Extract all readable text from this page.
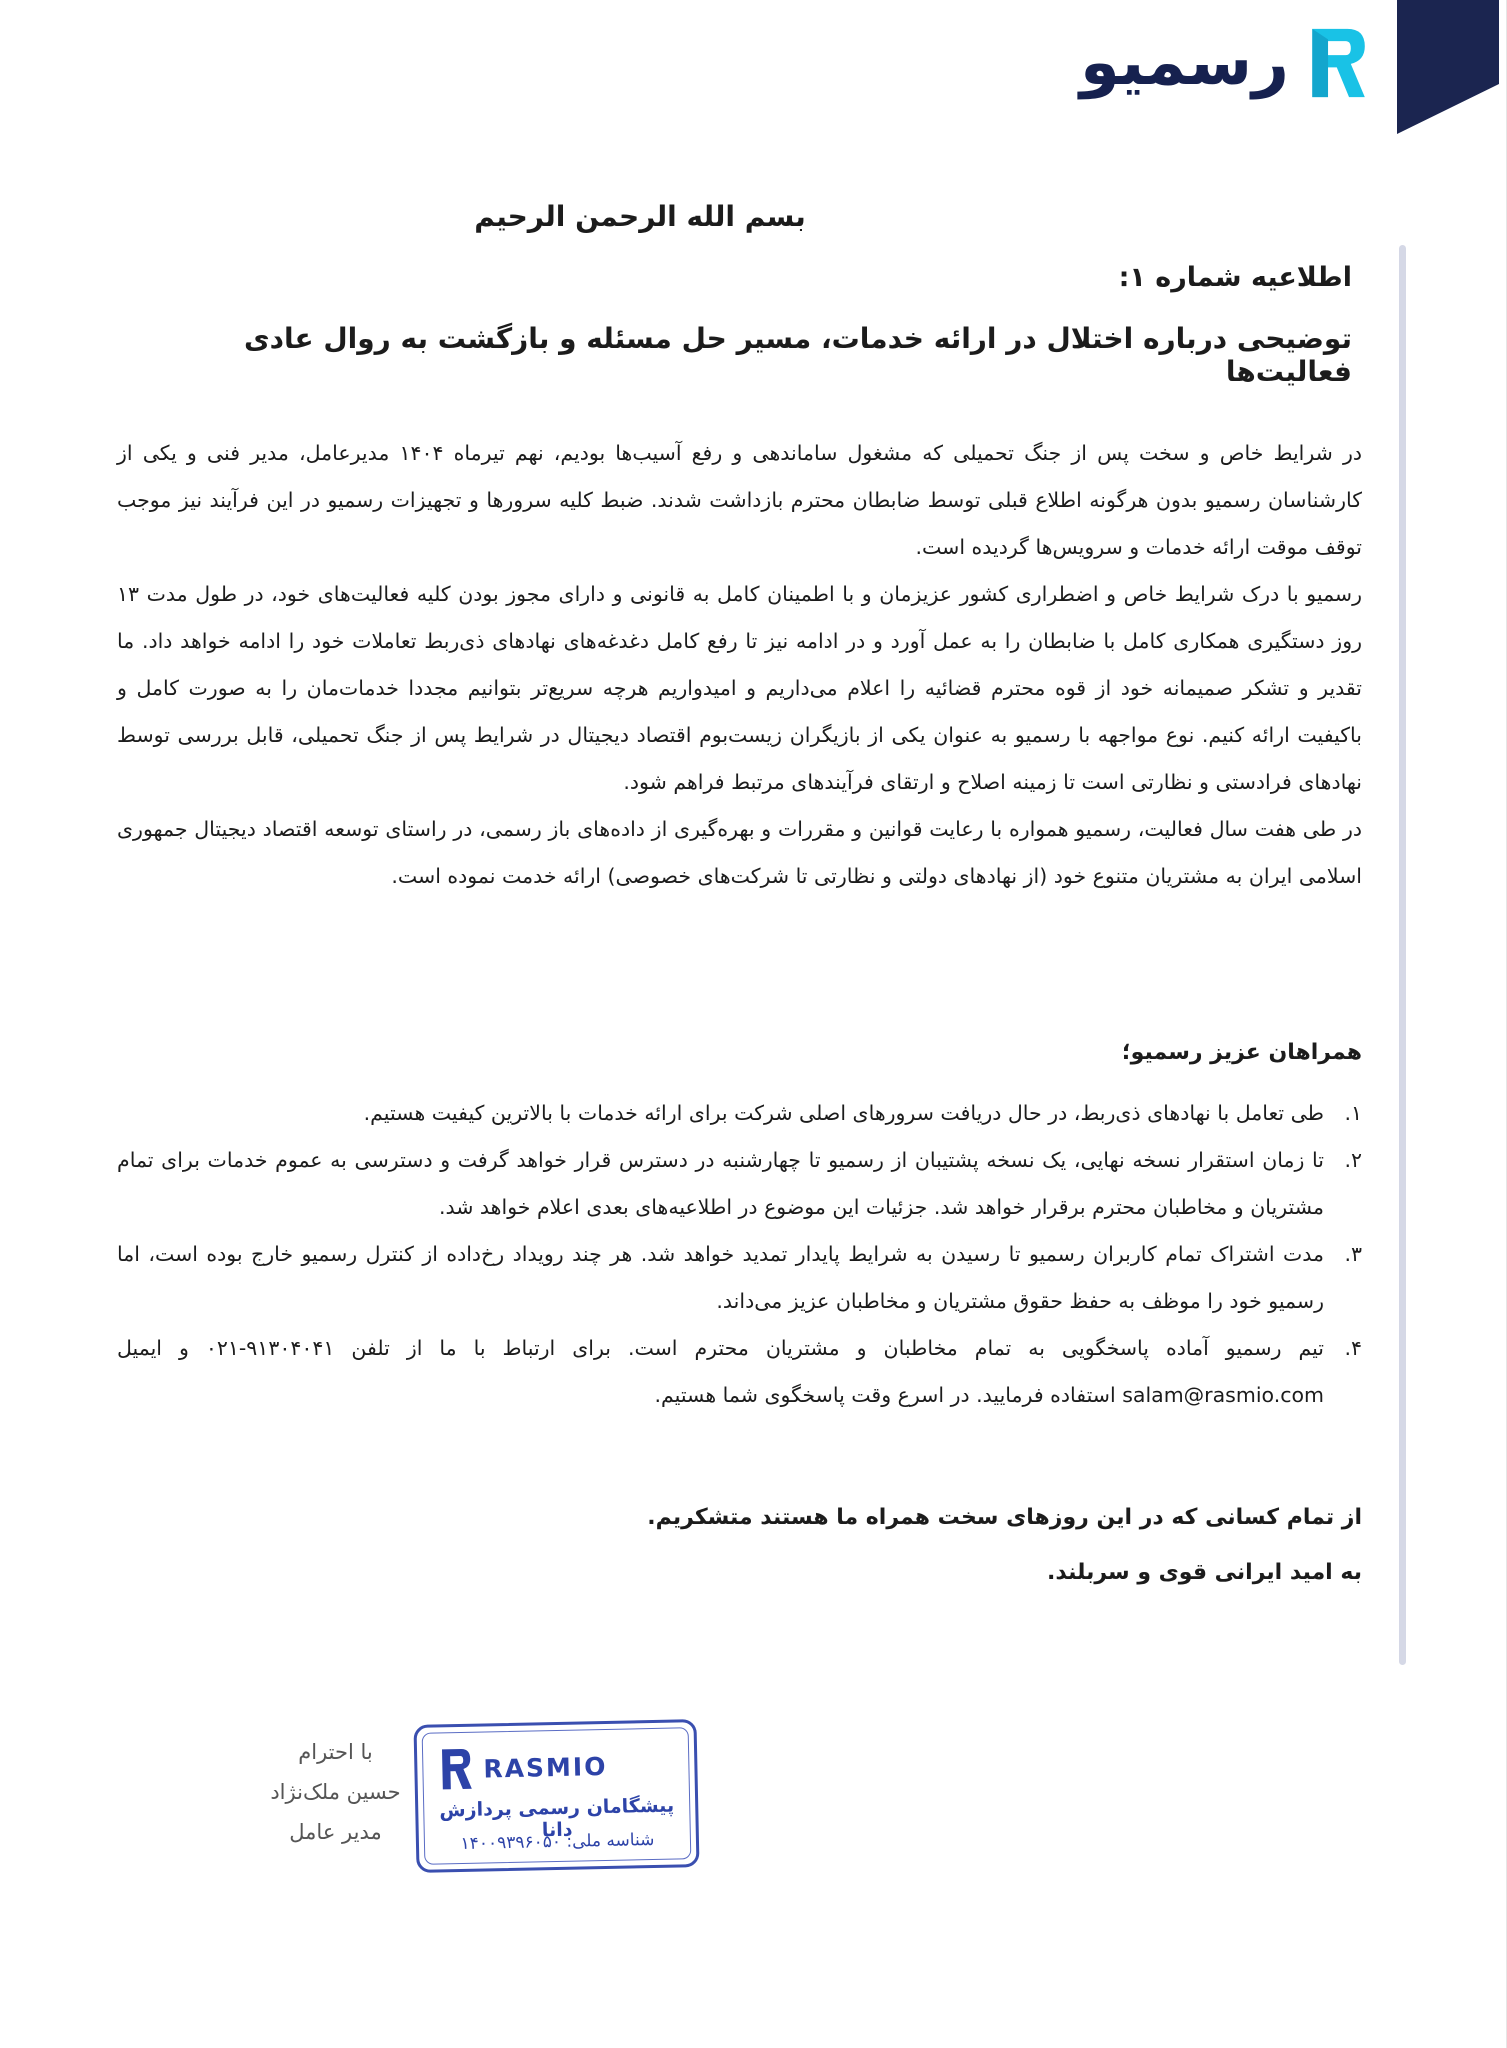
رسمیو
بسم الله الرحمن الرحیم
اطلاعیه شماره ۱:
توضیحی درباره اختلال در ارائه خدمات، مسیر حل مسئله و بازگشت به روال عادی فعالیت‌ها

در شرایط خاص و سخت پس از جنگ تحمیلی که مشغول ساماندهی و رفع آسیب‌ها بودیم، نهم تیرماه ۱۴۰۴ مدیرعامل، مدیر فنی و یکی از کارشناسان رسمیو بدون هرگونه اطلاع قبلی توسط ضابطان محترم بازداشت شدند. ضبط کلیه سرورها و تجهیزات رسمیو در این فرآیند نیز موجب توقف موقت ارائه خدمات و سرویس‌ها گردیده است.

رسمیو با درک شرایط خاص و اضطراری کشور عزیزمان و با اطمینان کامل به قانونی و دارای مجوز بودن کلیه فعالیت‌های خود، در طول مدت ۱۳ روز دستگیری همکاری کامل با ضابطان را به عمل آورد و در ادامه نیز تا رفع کامل دغدغه‌های نهادهای ذی‌ربط تعاملات خود را ادامه خواهد داد. ما تقدیر و تشکر صمیمانه خود از قوه محترم قضائیه را اعلام می‌داریم و امیدواریم هرچه سریع‌تر بتوانیم مجددا خدمات‌مان را به صورت کامل و باکیفیت ارائه کنیم. نوع مواجهه با رسمیو به عنوان یکی از بازیگران زیست‌بوم اقتصاد دیجیتال در شرایط پس از جنگ تحمیلی، قابل بررسی توسط نهادهای فرادستی و نظارتی است تا زمینه اصلاح و ارتقای فرآیندهای مرتبط فراهم شود.

در طی هفت سال فعالیت، رسمیو همواره با رعایت قوانین و مقررات و بهره‌گیری از داده‌های باز رسمی، در راستای توسعه اقتصاد دیجیتال جمهوری اسلامی ایران به مشتریان متنوع خود (از نهادهای دولتی و نظارتی تا شرکت‌های خصوصی) ارائه خدمت نموده است.

همراهان عزیز رسمیو؛
۱.
طی تعامل با نهادهای ذی‌ربط، در حال دریافت سرورهای اصلی شرکت برای ارائه خدمات با بالاترین کیفیت هستیم.
۲.
تا زمان استقرار نسخه نهایی، یک نسخه پشتیبان از رسمیو تا چهارشنبه در دسترس قرار خواهد گرفت و دسترسی به عموم خدمات برای تمام مشتریان و مخاطبان محترم برقرار خواهد شد. جزئیات این موضوع در اطلاعیه‌های بعدی اعلام خواهد شد.
۳.
مدت اشتراک تمام کاربران رسمیو تا رسیدن به شرایط پایدار تمدید خواهد شد. هر چند رویداد رخ‌داده از کنترل رسمیو خارج بوده است، اما رسمیو خود را موظف به حفظ حقوق مشتریان و مخاطبان عزیز می‌داند.
۴.
تیم رسمیو آماده پاسخگویی به تمام مخاطبان و مشتریان محترم است. برای ارتباط با ما از تلفن ۹۱۳۰۴۰۴۱-۰۲۱ و ایمیل salam@rasmio.com استفاده فرمایید. در اسرع وقت پاسخگوی شما هستیم.
از تمام کسانی که در این روزهای سخت همراه ما هستند متشکریم.
به امید ایرانی قوی و سربلند.
با احترام
حسین ملک‌نژاد
مدیر عامل
RASMIO
پیشگامان رسمی پردازش دانا
شناسه ملی: ۱۴۰۰۹۳۹۶۰۵۰
